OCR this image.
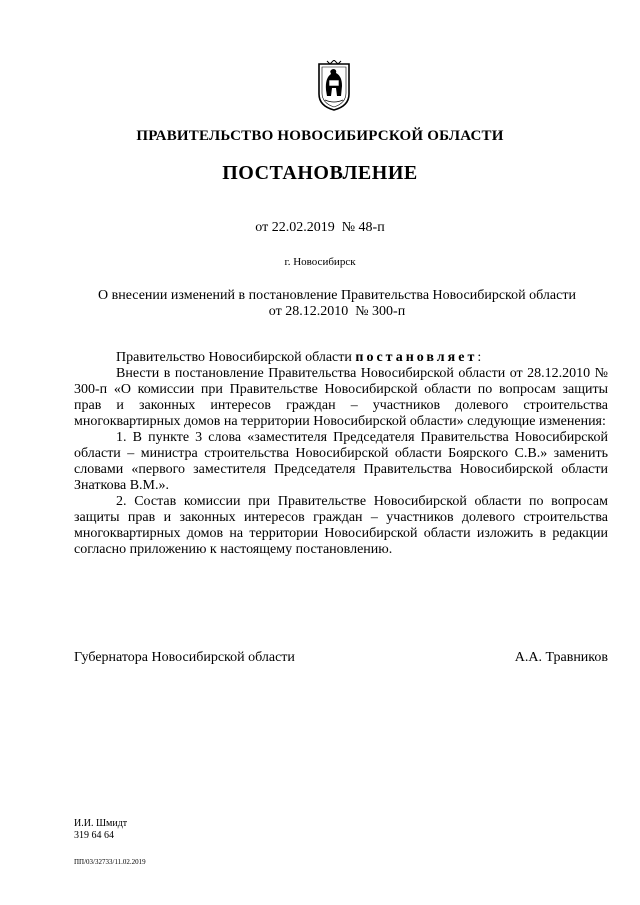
ПРАВИТЕЛЬСТВО НОВОСИБИРСКОЙ ОБЛАСТИ
ПОСТАНОВЛЕНИЕ
от 22.02.2019  № 48-п
г. Новосибирск
О внесении изменений в постановление Правительства Новосибирской области
от 28.12.2010  № 300-п

Правительство Новосибирской области постановляет:

Внести в постановление Правительства Новосибирской области от 28.12.2010 № 300-п «О комиссии при Правительстве Новосибирской области по вопросам защиты прав и законных интересов граждан – участников долевого строительства многоквартирных домов на территории Новосибирской области» следующие изменения:

1. В пункте 3 слова «заместителя Председателя Правительства Новосибирской области – министра строительства Новосибирской области Боярского С.В.» заменить словами «первого заместителя Председателя Правительства Новосибирской области Знаткова В.М.».

2. Состав комиссии при Правительстве Новосибирской области по вопросам защиты прав и законных интересов граждан – участников долевого строительства многоквартирных домов на территории Новосибирской области изложить в редакции согласно приложению к настоящему постановлению.

Губернатора Новосибирской области	А.А. Травников
И.И. Шмидт
319 64 64
ПП/03/32733/11.02.2019
